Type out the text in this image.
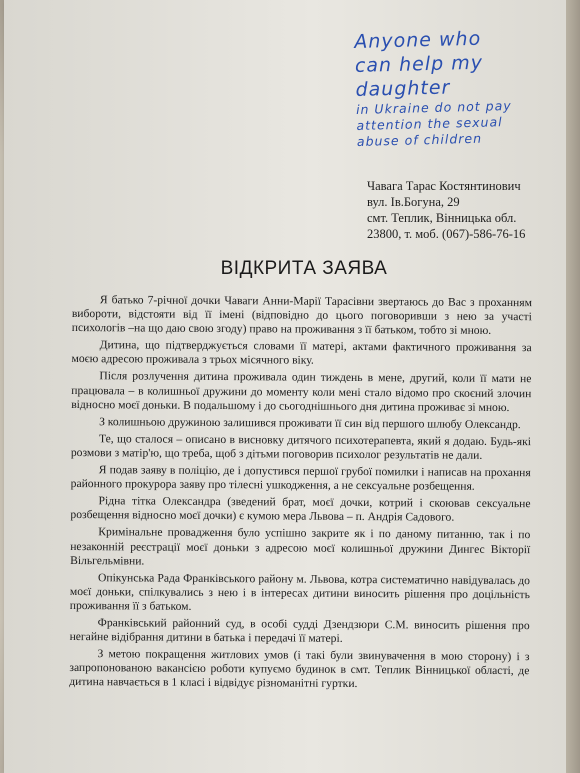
Anyone who
can help my
daughter
in Ukraine do not pay
attention the sexual
abuse of children
Чавага Тарас Костянтинович
вул. Ів.Богуна, 29
смт. Теплик, Вінницька обл.
23800, т. моб. (067)-586-76-16
ВІДКРИТА ЗАЯВА

Я батько 7-річної дочки Чаваги Анни-Марії Тарасівни звертаюсь до Вас з проханням виборoти, відстояти від її імені (відповідно до цього поговоривши з нею за участі психологів –на що даю свою згоду) право на проживання з її батьком, тобто зі мною.

Дитина, що підтверджується словами її матері, актами фактичного проживання за моєю адресою проживала з трьох місячного віку.

Після розлучення дитина проживала один тиждень в мене, другий, коли її мати не працювала – в колишньої дружини до моменту коли мені стало відомо про скоєний злочин відносно моєї доньки. В подальшому і до сьогоднішнього дня дитина проживає зі мною.

З колишньою дружиною залишився проживати її син від першого шлюбу Олександр.

Те, що сталося – описано в висновку дитячого психотерапевта, який я додаю. Будь-які розмови з матір'ю, що треба, щоб з дітьми поговорив психолог результатів не дали.

Я подав заяву в поліцію, де і допустився першої грубої помилки і написав на прохання районного прокурора заяву про тілесні ушкодження, а не сексуальне розбещення.

Рідна тітка Олександра (зведений брат, моєї дочки, котрий і скоював сексуальне розбещення відносно моєї дочки) є кумою мера Львова – п. Андрія Садового.

Кримінальне провадження було успішно закрите як і по даному питанню, так і по незаконній реєстрації моєї доньки з адресою моєї колишньої дружини Дингес Вікторії Вільгельмівни.

Опікунська Рада Франківського району м. Львова, котра систематично навідувалась до моєї доньки, спілкувались з нею і в інтересах дитини виносить рішення про доцільність проживання її з батьком.

Франківський районний суд, в особі судді Дзендзюри С.М. виносить рішення про негайне відібрання дитини в батька і передачі її матері.

З метою покращення житлових умов (і такі були звинувачення в мою сторону) і з запропонованою вакансією роботи купуємо будинок в смт. Теплик Вінницької області, де дитина навчається в 1 класі і відвідує різноманітні гуртки.
